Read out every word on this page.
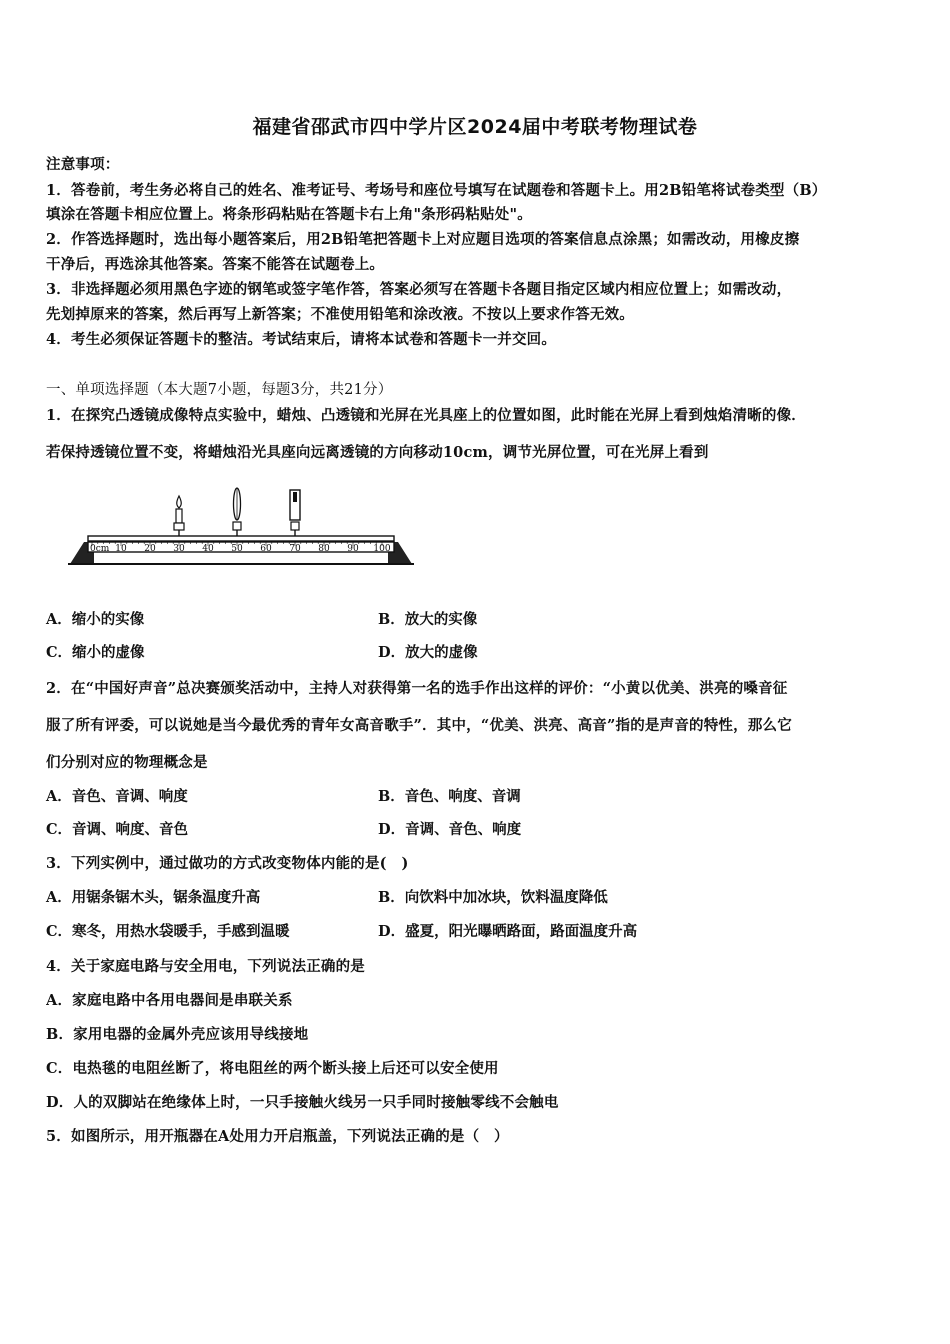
福建省邵武市四中学片区2024届中考联考物理试卷
注意事项：
1．答卷前，考生务必将自己的姓名、准考证号、考场号和座位号填写在试题卷和答题卡上。用2B铅笔将试卷类型（B）
填涂在答题卡相应位置上。将条形码粘贴在答题卡右上角"条形码粘贴处"。
2．作答选择题时，选出每小题答案后，用2B铅笔把答题卡上对应题目选项的答案信息点涂黑；如需改动，用橡皮擦
干净后，再选涂其他答案。答案不能答在试题卷上。
3．非选择题必须用黑色字迹的钢笔或签字笔作答，答案必须写在答题卡各题目指定区域内相应位置上；如需改动，
先划掉原来的答案，然后再写上新答案；不准使用铅笔和涂改液。不按以上要求作答无效。
4．考生必须保证答题卡的整洁。考试结束后，请将本试卷和答题卡一并交回。
一、单项选择题（本大题7小题，每题3分，共21分）
1．在探究凸透镜成像特点实验中，蜡烛、凸透镜和光屏在光具座上的位置如图，此时能在光屏上看到烛焰清晰的像．
若保持透镜位置不变，将蜡烛沿光具座向远离透镜的方向移动10cm，调节光屏位置，可在光屏上看到
0cm 10 20 30 40 50 60 70 80 90 100
A．缩小的实像	B．放大的实像
C．缩小的虚像	D．放大的虚像
2．在“中国好声音”总决赛颁奖活动中，主持人对获得第一名的选手作出这样的评价：“小黄以优美、洪亮的嗓音征
服了所有评委，可以说她是当今最优秀的青年女高音歌手”．其中，“优美、洪亮、高音”指的是声音的特性，那么它
们分别对应的物理概念是
A．音色、音调、响度	B．音色、响度、音调
C．音调、响度、音色	D．音调、音色、响度
3．下列实例中，通过做功的方式改变物体内能的是(　)
A．用锯条锯木头，锯条温度升高	B．向饮料中加冰块，饮料温度降低
C．寒冬，用热水袋暖手，手感到温暖	D．盛夏，阳光曝晒路面，路面温度升高
4．关于家庭电路与安全用电，下列说法正确的是
A．家庭电路中各用电器间是串联关系
B．家用电器的金属外壳应该用导线接地
C．电热毯的电阻丝断了，将电阻丝的两个断头接上后还可以安全使用
D．人的双脚站在绝缘体上时，一只手接触火线另一只手同时接触零线不会触电
5．如图所示，用开瓶器在A处用力开启瓶盖，下列说法正确的是（　）
